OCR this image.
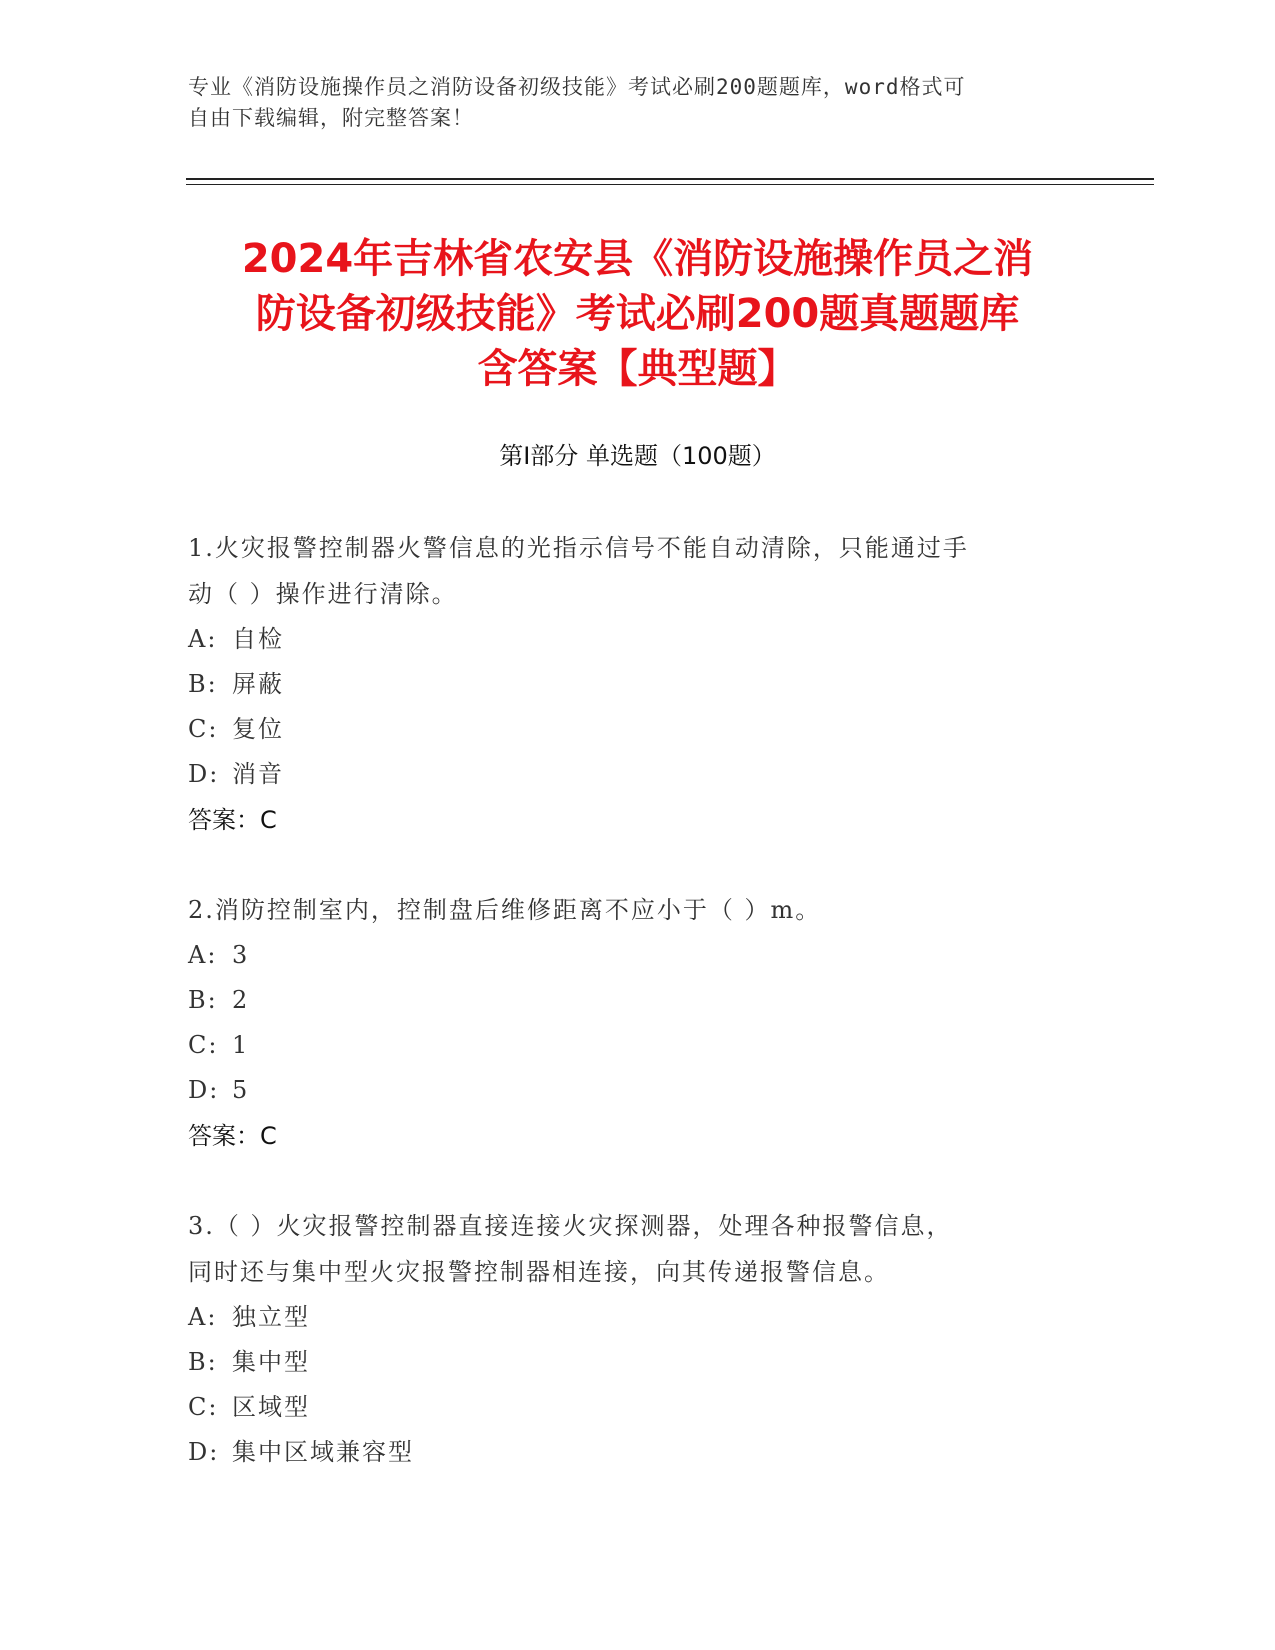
专业《消防设施操作员之消防设备初级技能》考试必刷200题题库，word格式可
自由下载编辑，附完整答案！
2024年吉林省农安县《消防设施操作员之消
防设备初级技能》考试必刷200题真题题库
含答案【典型题】
第I部分 单选题（100题）

1.火灾报警控制器火警信息的光指示信号不能自动清除，只能通过手
动（ ）操作进行清除。

A: 自检

B: 屏蔽

C: 复位

D: 消音

答案：C

2.消防控制室内，控制盘后维修距离不应小于（ ）m。

A: 3

B: 2

C: 1

D: 5

答案：C

3.（ ）火灾报警控制器直接连接火灾探测器，处理各种报警信息，
同时还与集中型火灾报警控制器相连接，向其传递报警信息。

A: 独立型

B: 集中型

C: 区域型

D: 集中区域兼容型
